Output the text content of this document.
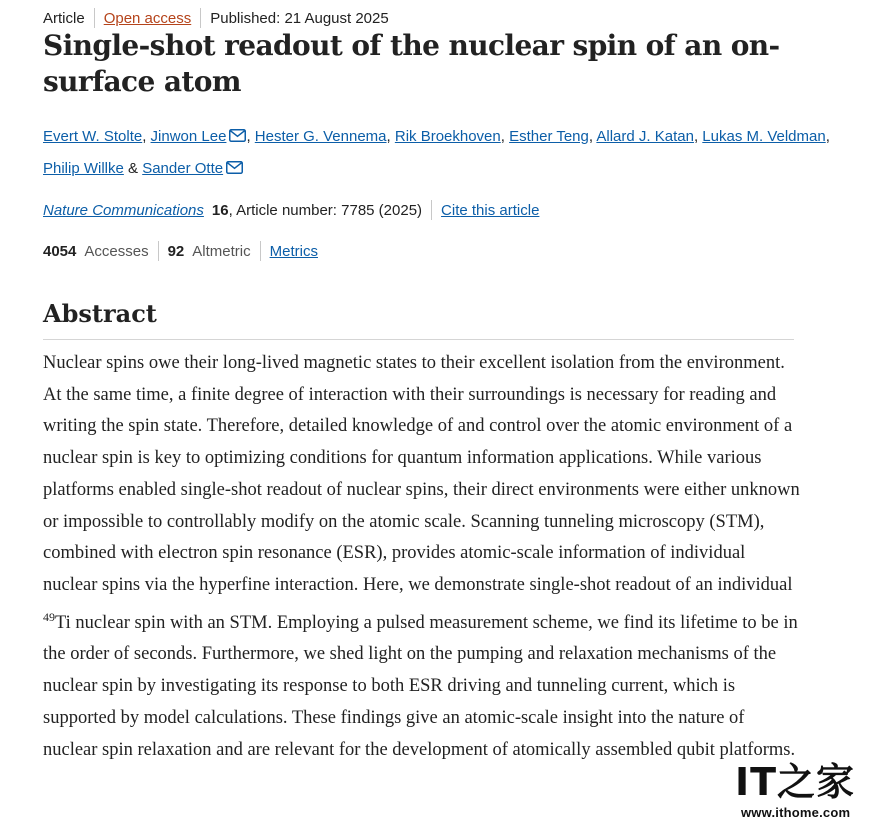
Article Open access Published: 21 August 2025
Single-shot readout of the nuclear spin of an on-surface atom
Evert W. Stolte, Jinwon Lee , Hester G. Vennema, Rik Broekhoven, Esther Teng, Allard J. Katan, Lukas M. Veldman, Philip Willke & Sander Otte
Nature Communications 16 , Article number: 7785 (2025) Cite this article
4054 Accesses 92 Altmetric Metrics
Abstract

Nuclear spins owe their long-lived magnetic states to their excellent isolation from the environment. At the same time, a finite degree of interaction with their surroundings is necessary for reading and writing the spin state. Therefore, detailed knowledge of and control over the atomic environment of a nuclear spin is key to optimizing conditions for quantum information applications. While various platforms enabled single-shot readout of nuclear spins, their direct environments were either unknown or impossible to controllably modify on the atomic scale. Scanning tunneling microscopy (STM), combined with electron spin resonance (ESR), provides atomic-scale information of individual nuclear spins via the hyperfine interaction. Here, we demonstrate single-shot readout of an individual $^{49}$Ti nuclear spin with an STM. Employing a pulsed measurement scheme, we find its lifetime to be in the order of seconds. Furthermore, we shed light on the pumping and relaxation mechanisms of the nuclear spin by investigating its response to both ESR driving and tunneling current, which is supported by model calculations. These findings give an atomic-scale insight into the nature of nuclear spin relaxation and are relevant for the development of atomically assembled qubit platforms.

IT之家
www.ithome.com
